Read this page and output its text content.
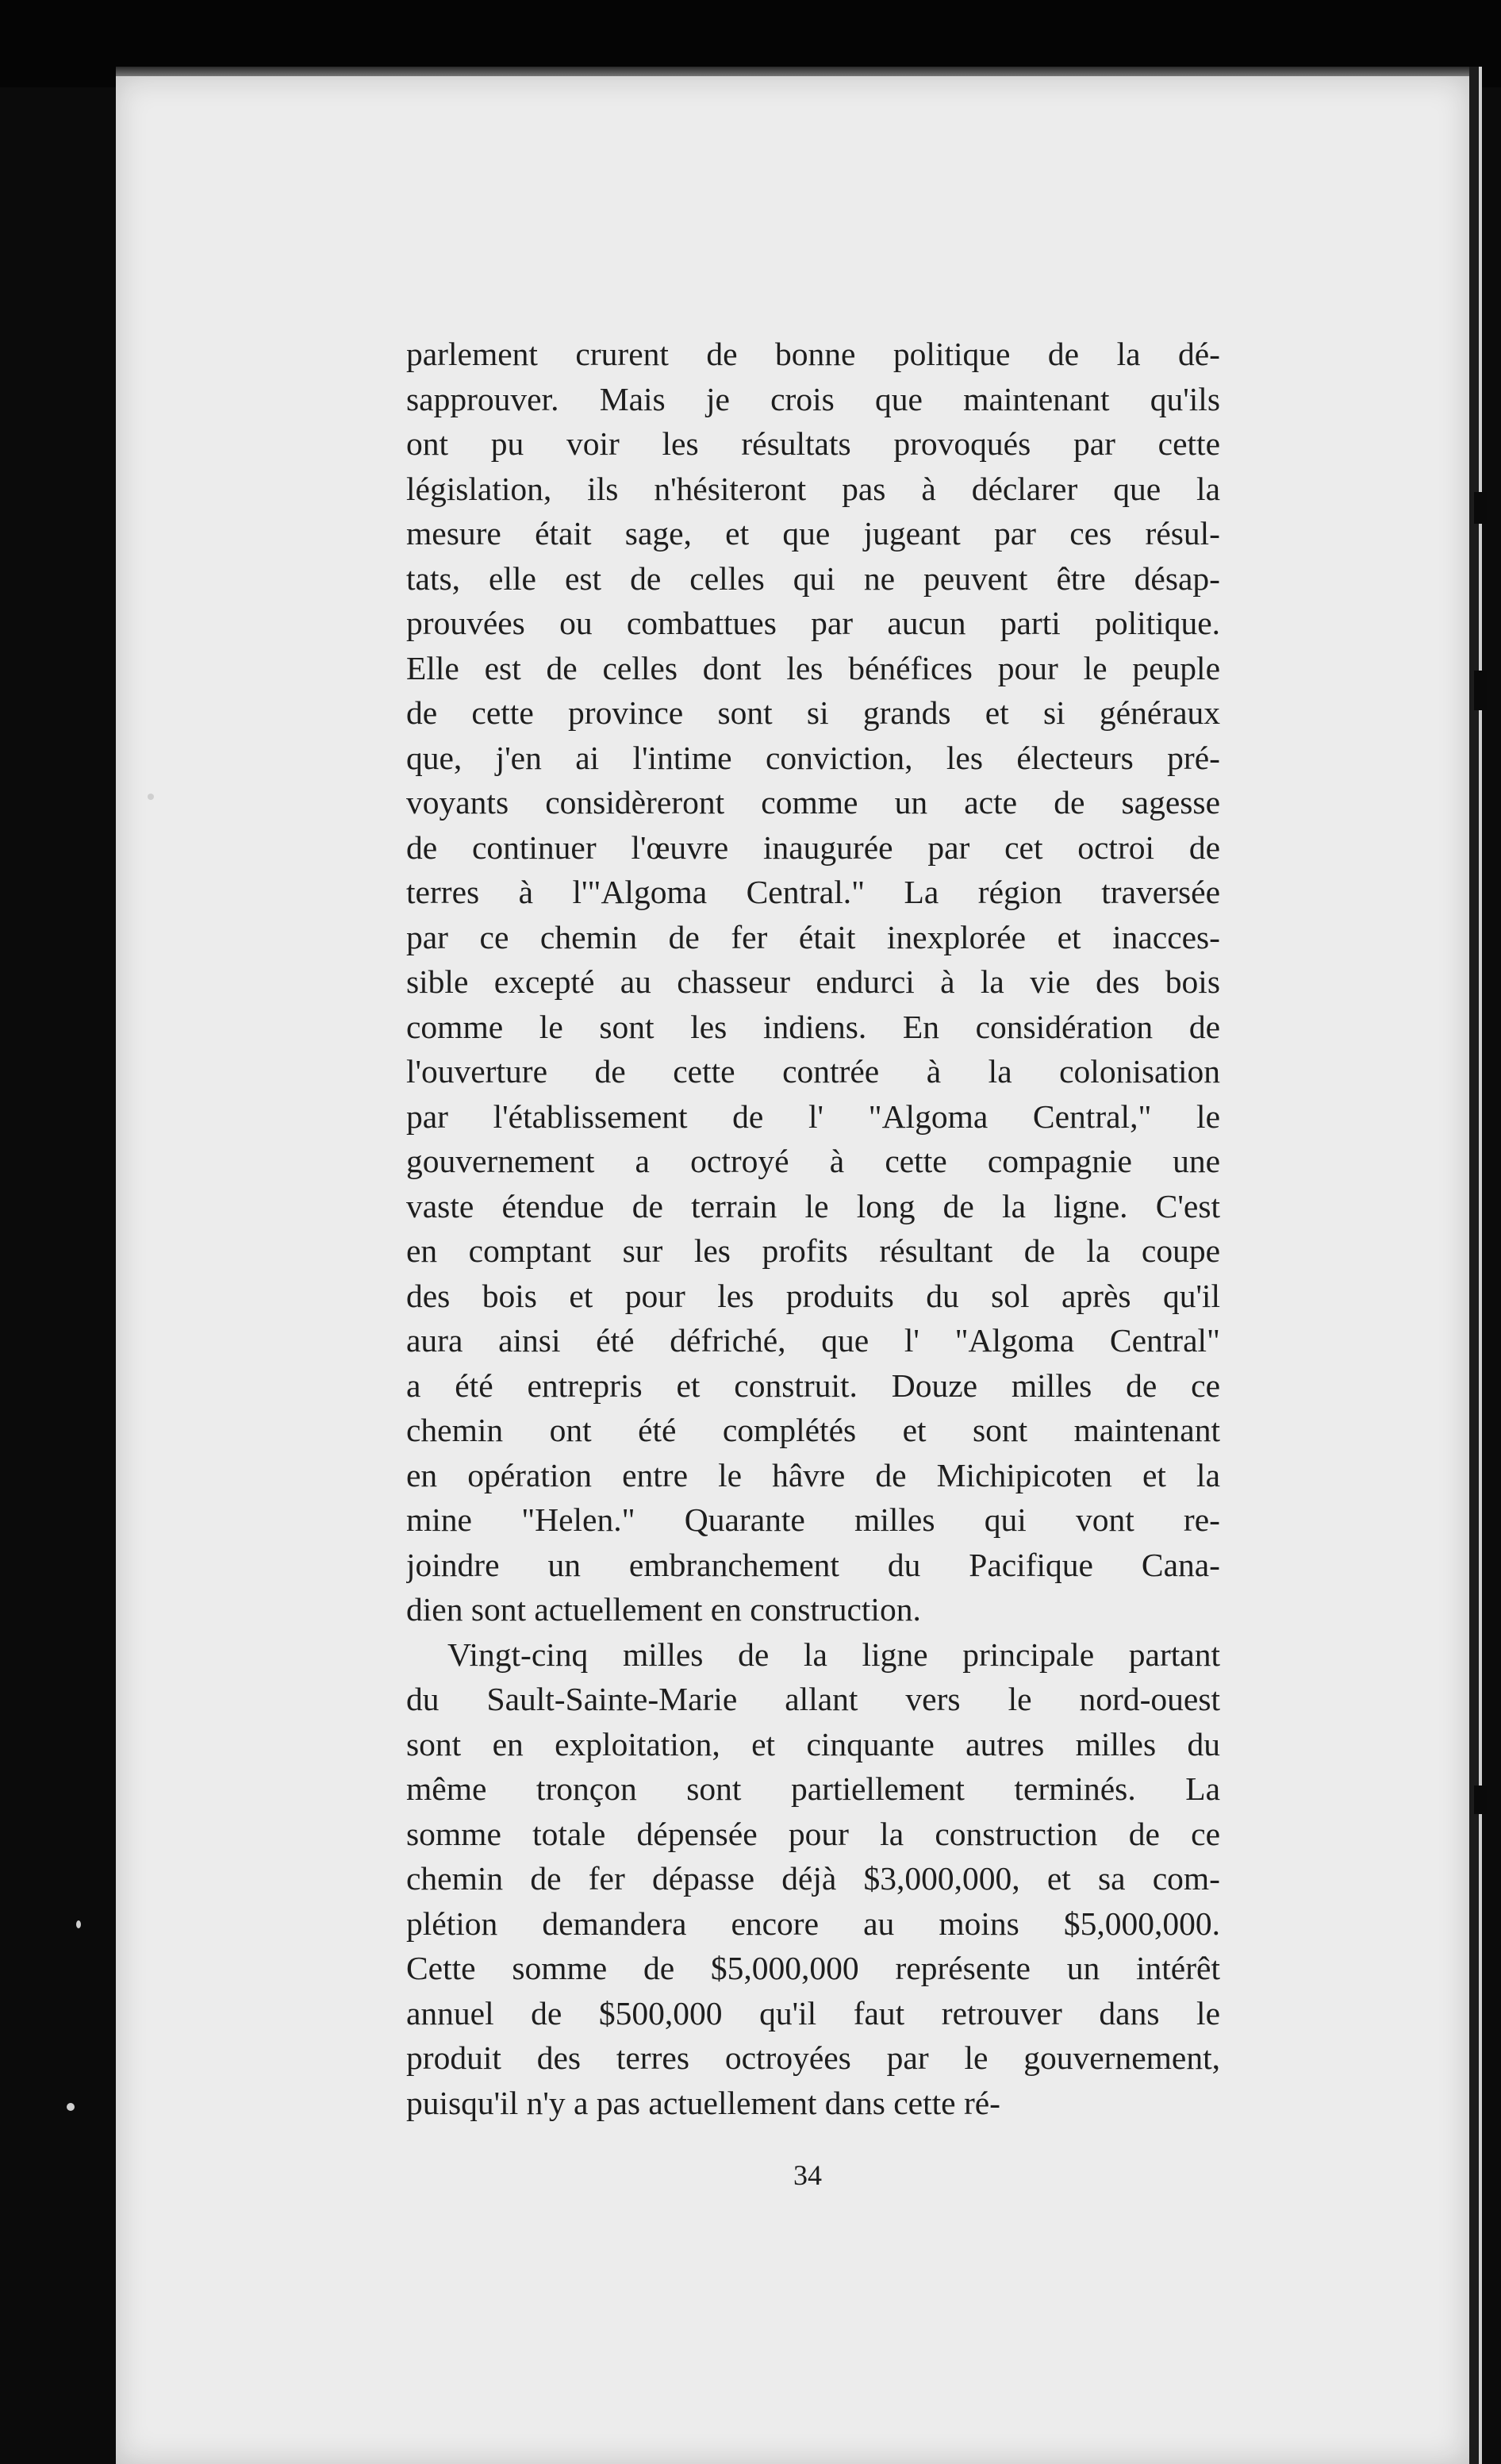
parlement crurent de bonne politique de la dé-
sapprouver. Mais je crois que maintenant qu'ils
ont pu voir les résultats provoqués par cette
législation, ils n'hésiteront pas à déclarer que la
mesure était sage, et que jugeant par ces résul-
tats, elle est de celles qui ne peuvent être désap-
prouvées ou combattues par aucun parti politique.
Elle est de celles dont les bénéfices pour le peuple
de cette province sont si grands et si généraux
que, j'en ai l'intime conviction, les électeurs pré-
voyants considèreront comme un acte de sagesse
de continuer l'œuvre inaugurée par cet octroi de
terres à l'"Algoma Central." La région traversée
par ce chemin de fer était inexplorée et inacces-
sible excepté au chasseur endurci à la vie des bois
comme le sont les indiens. En considération de
l'ouverture de cette contrée à la colonisation
par l'établissement de l' "Algoma Central," le
gouvernement a octroyé à cette compagnie une
vaste étendue de terrain le long de la ligne. C'est
en comptant sur les profits résultant de la coupe
des bois et pour les produits du sol après qu'il
aura ainsi été défriché, que l' "Algoma Central"
a été entrepris et construit. Douze milles de ce
chemin ont été complétés et sont maintenant
en opération entre le hâvre de Michipicoten et la
mine "Helen." Quarante milles qui vont re-
joindre un embranchement du Pacifique Cana-
dien sont actuellement en construction.
Vingt-cinq milles de la ligne principale partant
du Sault-Sainte-Marie allant vers le nord-ouest
sont en exploitation, et cinquante autres milles du
même tronçon sont partiellement terminés. La
somme totale dépensée pour la construction de ce
chemin de fer dépasse déjà $3,000,000, et sa com-
plétion demandera encore au moins $5,000,000.
Cette somme de $5,000,000 représente un intérêt
annuel de $500,000 qu'il faut retrouver dans le
produit des terres octroyées par le gouvernement,
puisqu'il n'y a pas actuellement dans cette ré-
34
